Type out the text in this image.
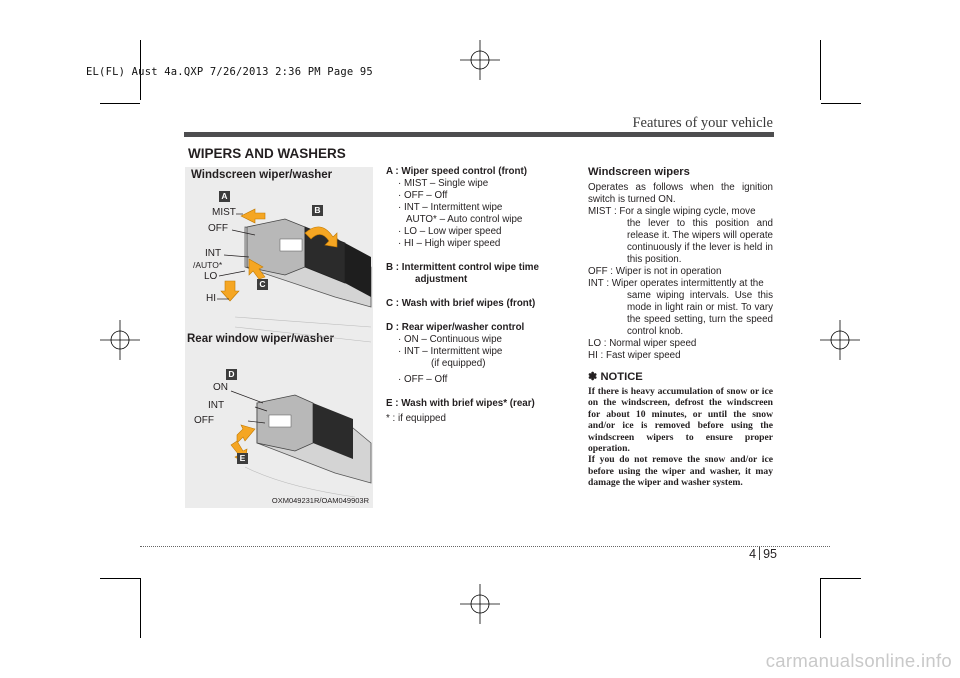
EL(FL) Aust 4a.QXP 7/26/2013 2:36 PM Page 95
Features of your vehicle
WIPERS AND WASHERS
Windscreen wiper/washer
Rear window wiper/washer
MIST
OFF
INT
/AUTO*
LO
HI
ON
INT
OFF
A
B
C
D
E
OXM049231R/OAM049903R
A : Wiper speed control (front)
· MIST – Single wipe
· OFF – Off
· INT – Intermittent wipe
AUTO* – Auto control wipe
· LO – Low wiper speed
· HI – High wiper speed
B : Intermittent control wipe time
adjustment
C : Wash with brief wipes (front)
D : Rear wiper/washer control
· ON – Continuous wipe
· INT – Intermittent wipe
(if equipped)
· OFF – Off
E : Wash with brief wipes* (rear)
* : if equipped
Windscreen wipers

Operates as follows when the ignition switch is turned ON.

MIST : For a single wiping cycle, move

the lever to this position and release it. The wipers will operate continuously if the lever is held in this position.

OFF : Wiper is not in operation

INT : Wiper operates intermittently at the

same wiping intervals. Use this mode in light rain or mist. To vary the speed setting, turn the speed control knob.

LO : Normal wiper speed

HI : Fast wiper speed

✽ NOTICE
If there is heavy accumulation of snow or ice on the windscreen, defrost the windscreen for about 10 minutes, or until the snow and/or ice is removed before using the windscreen wipers to ensure proper operation.
If you do not remove the snow and/or ice before using the wiper and washer, it may damage the wiper and washer system.
4 95
carmanualsonline.info
